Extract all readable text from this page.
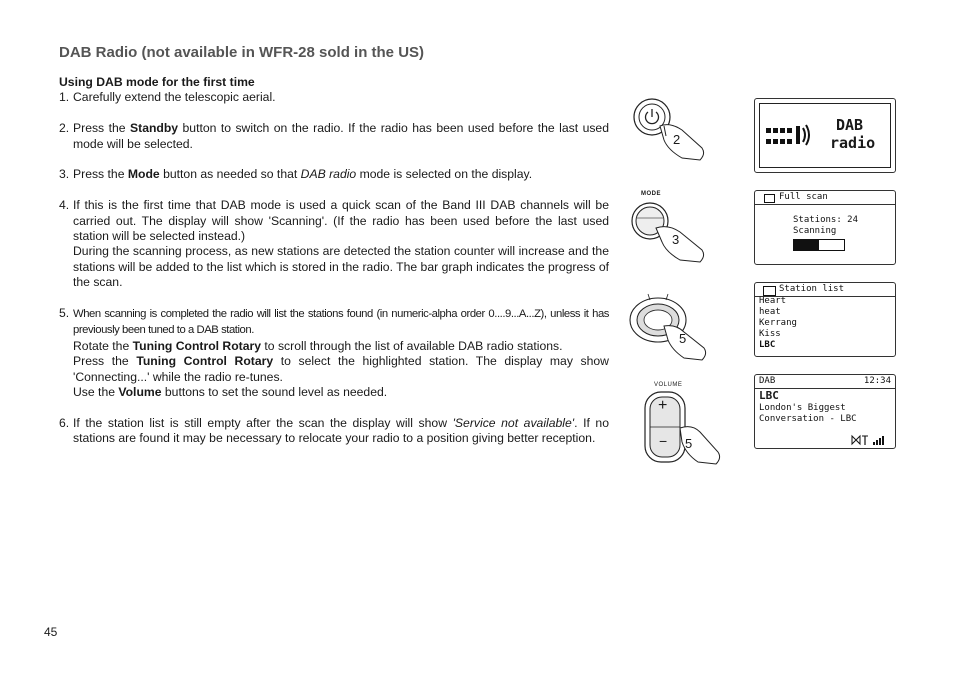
DAB Radio (not available in WFR-28 sold in the US)
Using DAB mode for the first time
1. Carefully extend the telescopic aerial.
2. Press the Standby button to switch on the radio. If the radio has been used before the last used mode will be selected.
3. Press the Mode button as needed so that DAB radio mode is selected on the display.
4. If this is the first time that DAB mode is used a quick scan of the Band III DAB channels will be carried out. The display will show 'Scanning'. (If the radio has been used before the last used station will be selected instead.)
During the scanning process, as new stations are detected the station counter will increase and the stations will be added to the list which is stored in the radio. The bar graph indicates the progress of the scan.
5. When scanning is completed the radio will list the stations found (in numeric-alpha order 0....9...A...Z), unless it has previously been tuned to a DAB station.
Rotate the Tuning Control Rotary to scroll through the list of available DAB radio stations.
Press the Tuning Control Rotary to select the highlighted station. The display may show 'Connecting...' while the radio re-tunes.
Use the Volume buttons to set the sound level as needed.
6. If the station list is still empty after the scan the display will show 'Service not available'. If no stations are found it may be necessary to relocate your radio to a position giving better reception.
2
MODE
3
5
VOLUME
+
− 5
DAB
radio
Full scan
Stations: 24
Scanning
Station list
Heart
heat
Kerrang
Kiss
LBC
DAB	12:34
LBC
London's Biggest
Conversation - LBC
45
